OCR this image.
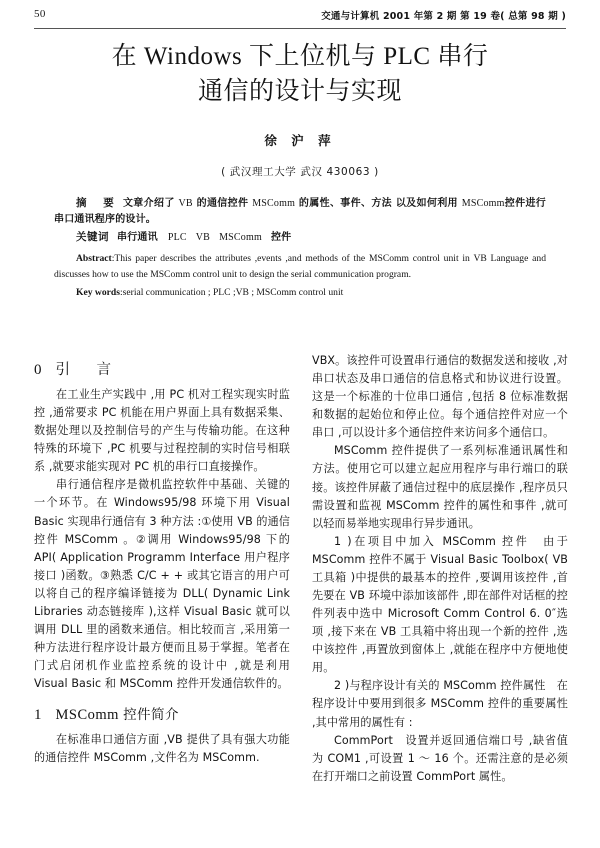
50	交通与计算机 2001 年第 2 期 第 19 卷( 总第 98 期 )
在 Windows 下上位机与 PLC 串行
通信的设计与实现
徐 沪 萍
( 武汉理工大学 武汉 430063 )

摘　要 文章介绍了 VB 的通信控件 MSComm 的属性、事件、方法 以及如何利用 MSComm控件进行串口通讯程序的设计。

关键词 串行通讯 PLC VB MSComm 控件

Abstract:This paper describes the attributes ,events ,and methods of the MSComm control unit in VB Language and discusses how to use the MSComm control unit to design the serial communication program.

Key words:serial communication ; PLC ;VB ; MSComm control unit

0 引　言

在工业生产实践中 ,用 PC 机对工程实现实时监控 ,通常要求 PC 机能在用户界面上具有数据采集、数据处理以及控制信号的产生与传输功能。在这种特殊的环境下 ,PC 机要与过程控制的实时信号相联系 ,就要求能实现对 PC 机的串行口直接操作。

串行通信程序是微机监控软件中基础、关键的一个环节。在 Windows95/98 环境下用 Visual Basic 实现串行通信有 3 种方法 :①使用 VB 的通信控件 MSComm 。②调用 Windows95/98 下的 API( Application Programm Interface 用户程序接口 )函数。③熟悉 C/C + + 或其它语言的用户可以将自己的程序编译链接为 DLL( Dynamic Link Libraries 动态链接库 ),这样 Visual Basic 就可以调用 DLL 里的函数来通信。相比较而言 ,采用第一种方法进行程序设计最方便而且易于掌握。笔者在门式启闭机作业监控系统的设计中 ,就是利用 Visual Basic 和 MSComm 控件开发通信软件的。

1 MSComm 控件简介

在标准串口通信方面 ,VB 提供了具有强大功能的通信控件 MSComm ,文件名为 MSComm.

VBX。该控件可设置串行通信的数据发送和接收 ,对串口状态及串口通信的信息格式和协议进行设置。这是一个标准的十位串口通信 ,包括 8 位标准数据和数据的起始位和停止位。每个通信控件对应一个串口 ,可以设计多个通信控件来访问多个通信口。

MSComm 控件提供了一系列标准通讯属性和方法。使用它可以建立起应用程序与串行端口的联接。该控件屏蔽了通信过程中的底层操作 ,程序员只需设置和监视 MSComm 控件的属性和事件 ,就可以轻而易举地实现串行异步通讯。

1 )在项目中加入 MSComm 控件　由于 MSComm 控件不属于 Visual Basic Toolbox( VB 工具箱 )中提供的最基本的控件 ,要调用该控件 ,首先要在 VB 环境中添加该部件 ,即在部件对话框的控件列表中选中 Microsoft Comm Control 6. 0″选项 ,接下来在 VB 工具箱中将出现一个新的控件 ,选中该控件 ,再置放到窗体上 ,就能在程序中方便地使用。

2 )与程序设计有关的 MSComm 控件属性　在程序设计中要用到很多 MSComm 控件的重要属性 ,其中常用的属性有 :

CommPort　设置并返回通信端口号 ,缺省值为 COM1 ,可设置 1 ～ 16 个。还需注意的是必须在打开端口之前设置 CommPort 属性。
